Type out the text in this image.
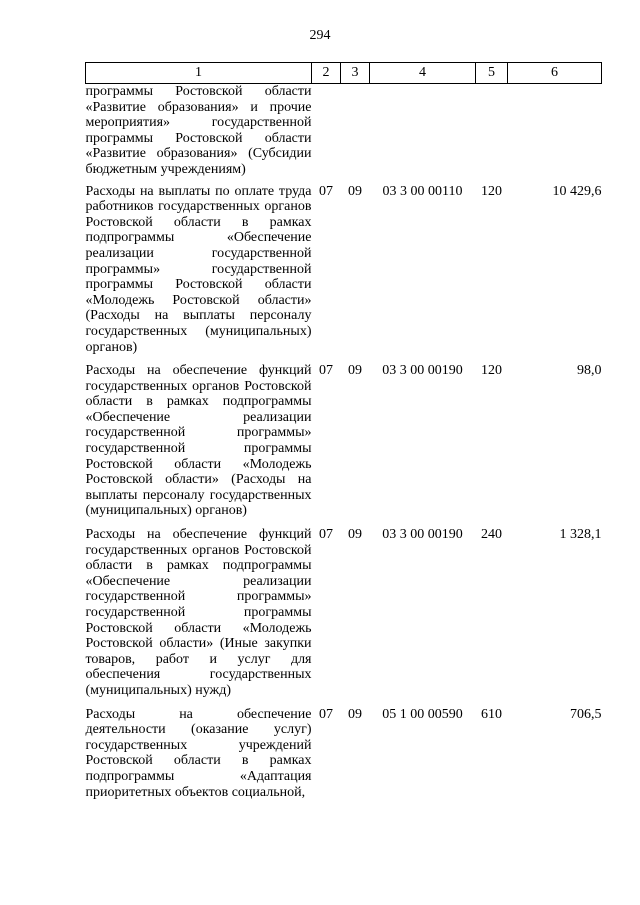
294
1	2	3	4	5	6
программы Ростовской области «Развитие образования» и прочие мероприятия» государственной программы Ростовской области «Развитие образования» (Субсидии бюджетным учреждениям)					
Расходы на выплаты по оплате труда работников государственных органов Ростовской области в рамках подпрограммы «Обеспечение реализации государственной программы» государственной программы Ростовской области «Молодежь Ростовской области» (Расходы на выплаты персоналу государственных (муниципальных) органов)	07	09	03 3 00 00110	120	10 429,6
Расходы на обеспечение функций государственных органов Ростовской области в рамках подпрограммы «Обеспечение реализации государственной программы» государственной программы Ростовской области «Молодежь Ростовской области» (Расходы на выплаты персоналу государственных (муниципальных) органов)	07	09	03 3 00 00190	120	98,0
Расходы на обеспечение функций государственных органов Ростовской области в рамках подпрограммы «Обеспечение реализации государственной программы» государственной программы Ростовской области «Молодежь Ростовской области» (Иные закупки товаров, работ и услуг для обеспечения государственных (муниципальных) нужд)	07	09	03 3 00 00190	240	1 328,1
Расходы на обеспечение деятельности (оказание услуг) государственных учреждений Ростовской области в рамках подпрограммы «Адаптация приоритетных объектов социальной,	07	09	05 1 00 00590	610	706,5
